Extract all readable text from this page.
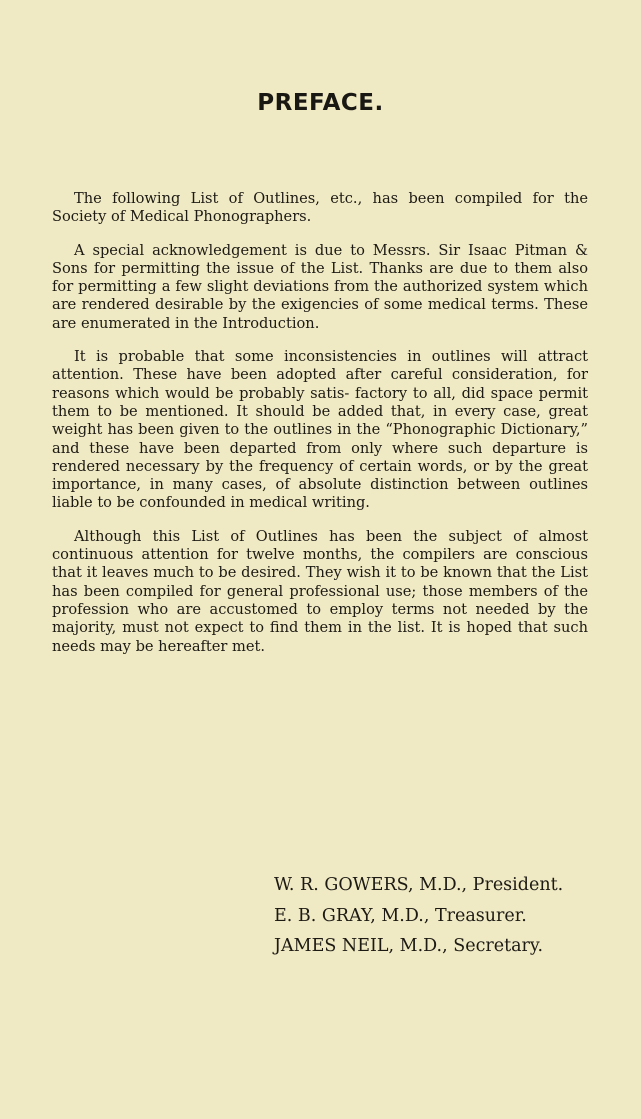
PREFACE.

The following List of Outlines, etc., has been compiled for the Society of Medical Phonographers.

A special acknowledgement is due to Messrs. Sir Isaac Pitman & Sons for permitting the issue of the List. Thanks are due to them also for permitting a few slight deviations from the authorized system which are rendered desirable by the exigencies of some medical terms. These are enumerated in the Introduction.

It is probable that some inconsistencies in outlines will attract attention. These have been adopted after careful consideration, for reasons which would be probably satis- factory to all, did space permit them to be mentioned. It should be added that, in every case, great weight has been given to the outlines in the “Phonographic Dictionary,” and these have been departed from only where such departure is rendered necessary by the frequency of certain words, or by the great importance, in many cases, of absolute distinction between outlines liable to be confounded in medical writing.

Although this List of Outlines has been the subject of almost continuous attention for twelve months, the compilers are conscious that it leaves much to be desired. They wish it to be known that the List has been compiled for general professional use; those members of the profession who are accustomed to employ terms not needed by the majority, must not expect to find them in the list. It is hoped that such needs may be hereafter met.

W. R. GOWERS, M.D., President.
E. B. GRAY, M.D., Treasurer.
JAMES NEIL, M.D., Secretary.
